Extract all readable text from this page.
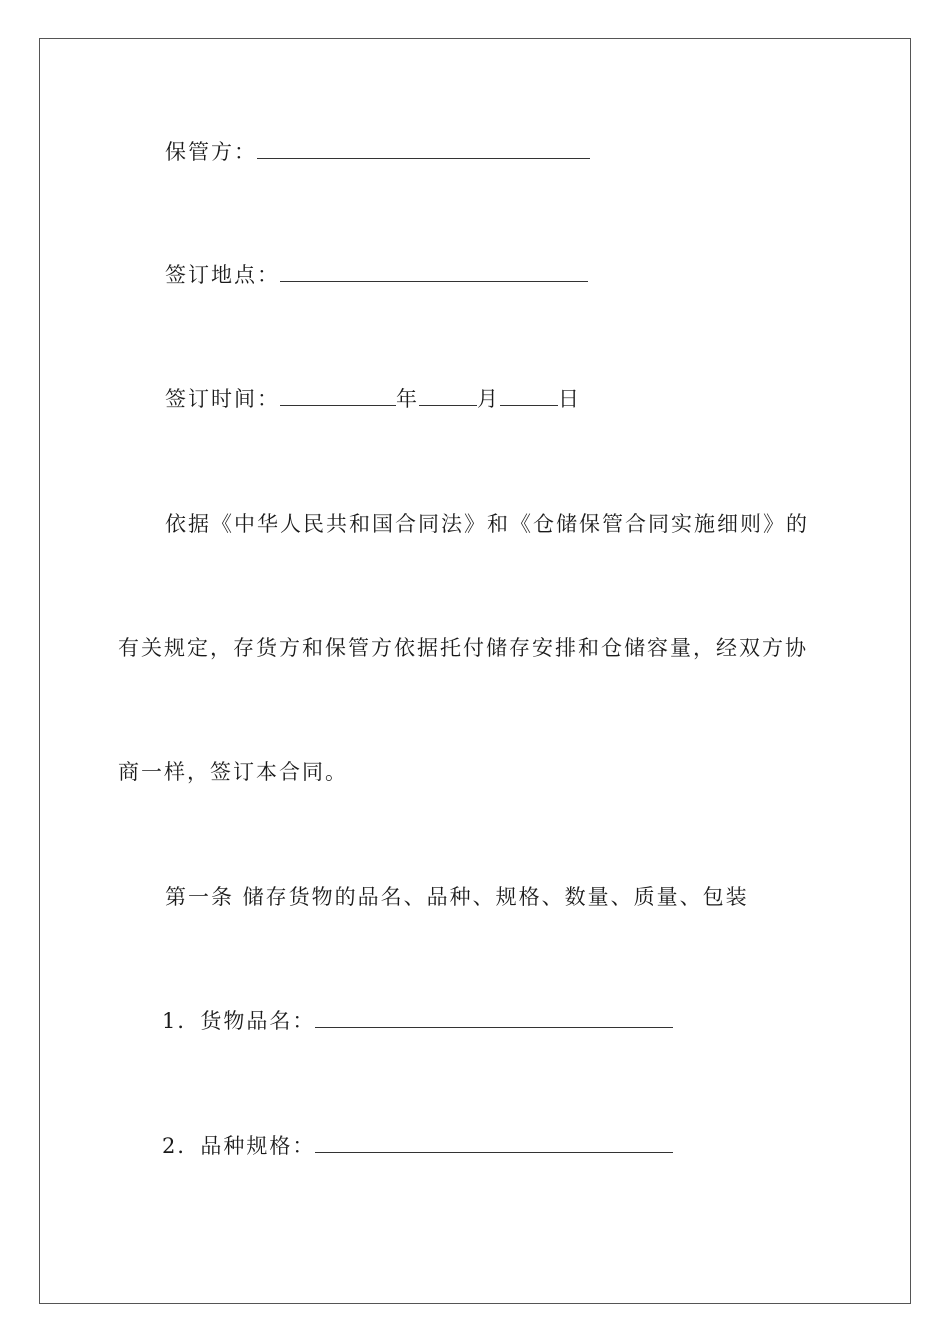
保管方：
签订地点：
签订时间：	年	月	日
依据《中华人民共和国合同法》和《仓储保管合同实施细则》的
有关规定，存货方和保管方依据托付储存安排和仓储容量，经双方协
商一样，签订本合同。
第一条 储存货物的品名、品种、规格、数量、质量、包装
1．货物品名：
2．品种规格：
